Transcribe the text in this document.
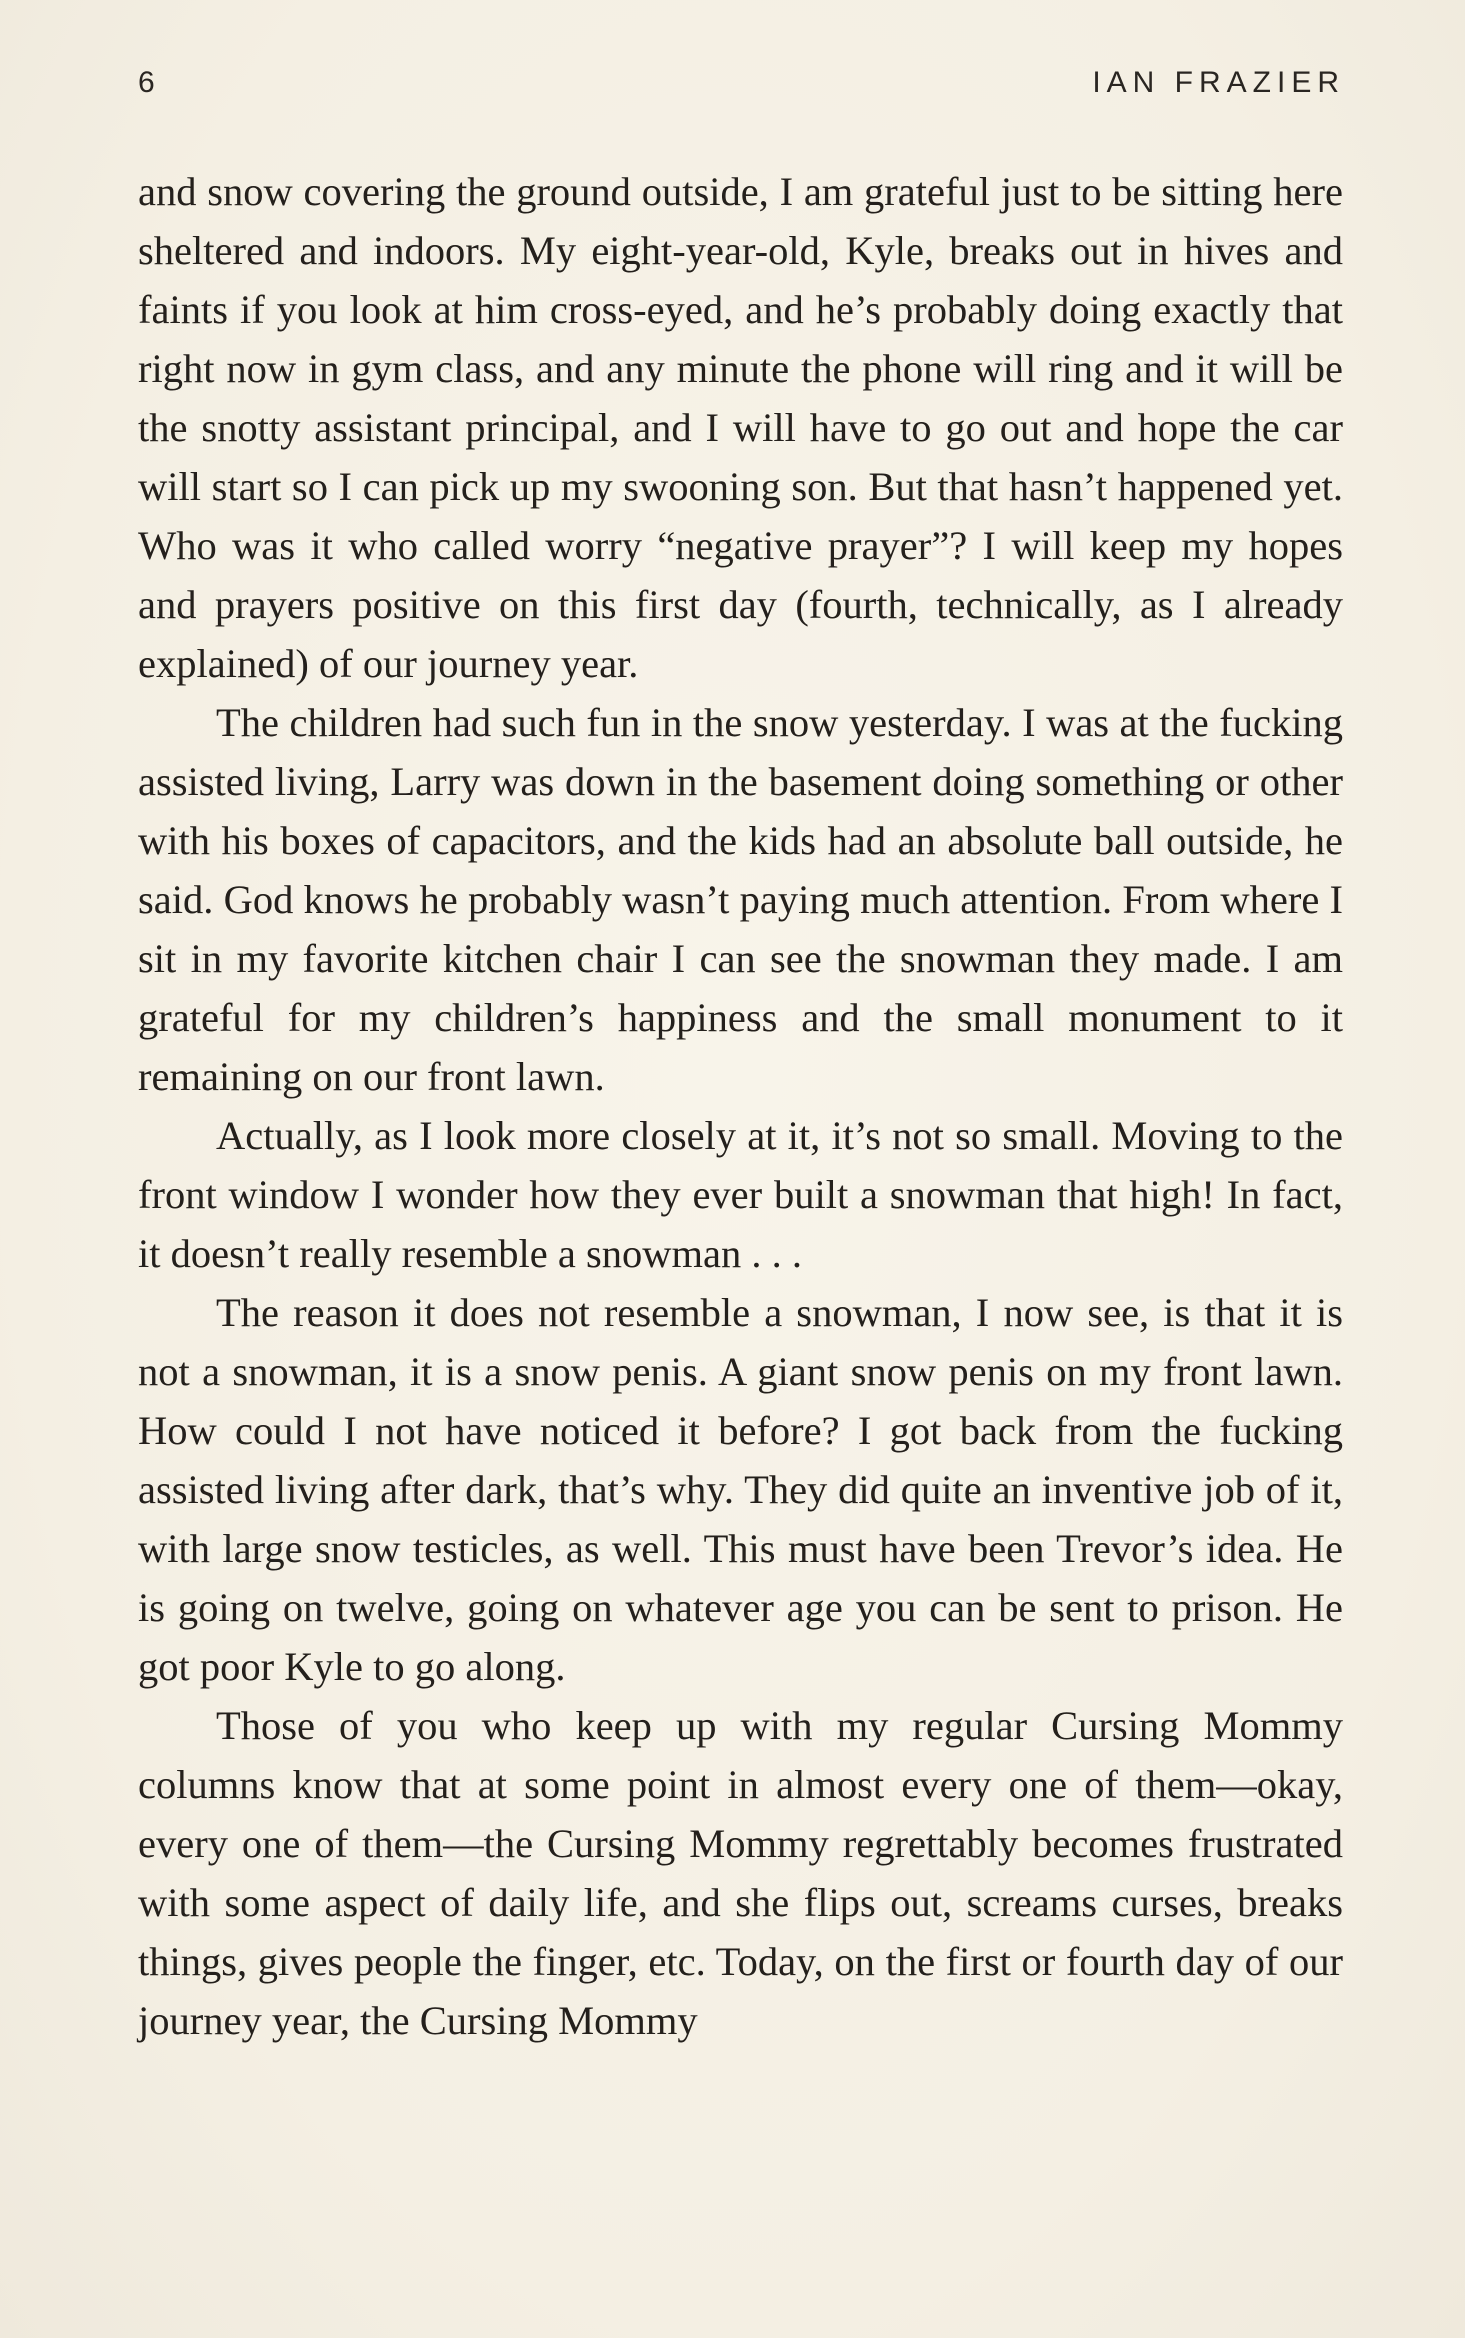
6	IAN FRAZIER

and snow covering the ground outside, I am grateful just to be sitting here sheltered and indoors. My eight-year-old, Kyle, breaks out in hives and faints if you look at him cross-eyed, and he’s probably doing exactly that right now in gym class, and any minute the phone will ring and it will be the snotty assistant principal, and I will have to go out and hope the car will start so I can pick up my swooning son. But that hasn’t happened yet. Who was it who called worry “negative prayer”? I will keep my hopes and prayers positive on this first day (fourth, technically, as I already explained) of our journey year.

The children had such fun in the snow yesterday. I was at the fucking assisted living, Larry was down in the basement doing something or other with his boxes of capacitors, and the kids had an absolute ball outside, he said. God knows he probably wasn’t paying much attention. From where I sit in my favorite kitchen chair I can see the snowman they made. I am grateful for my children’s happiness and the small monument to it remaining on our front lawn.

Actually, as I look more closely at it, it’s not so small. Moving to the front window I wonder how they ever built a snowman that high! In fact, it doesn’t really resemble a snowman . . .

The reason it does not resemble a snowman, I now see, is that it is not a snowman, it is a snow penis. A giant snow penis on my front lawn. How could I not have noticed it before? I got back from the fucking assisted living after dark, that’s why. They did quite an inventive job of it, with large snow testicles, as well. This must have been Trevor’s idea. He is going on twelve, going on whatever age you can be sent to prison. He got poor Kyle to go along.

Those of you who keep up with my regular Cursing Mommy columns know that at some point in almost every one of them—okay, every one of them—the Cursing Mommy regrettably becomes frustrated with some aspect of daily life, and she flips out, screams curses, breaks things, gives people the finger, etc. Today, on the first or fourth day of our journey year, the Cursing Mommy
